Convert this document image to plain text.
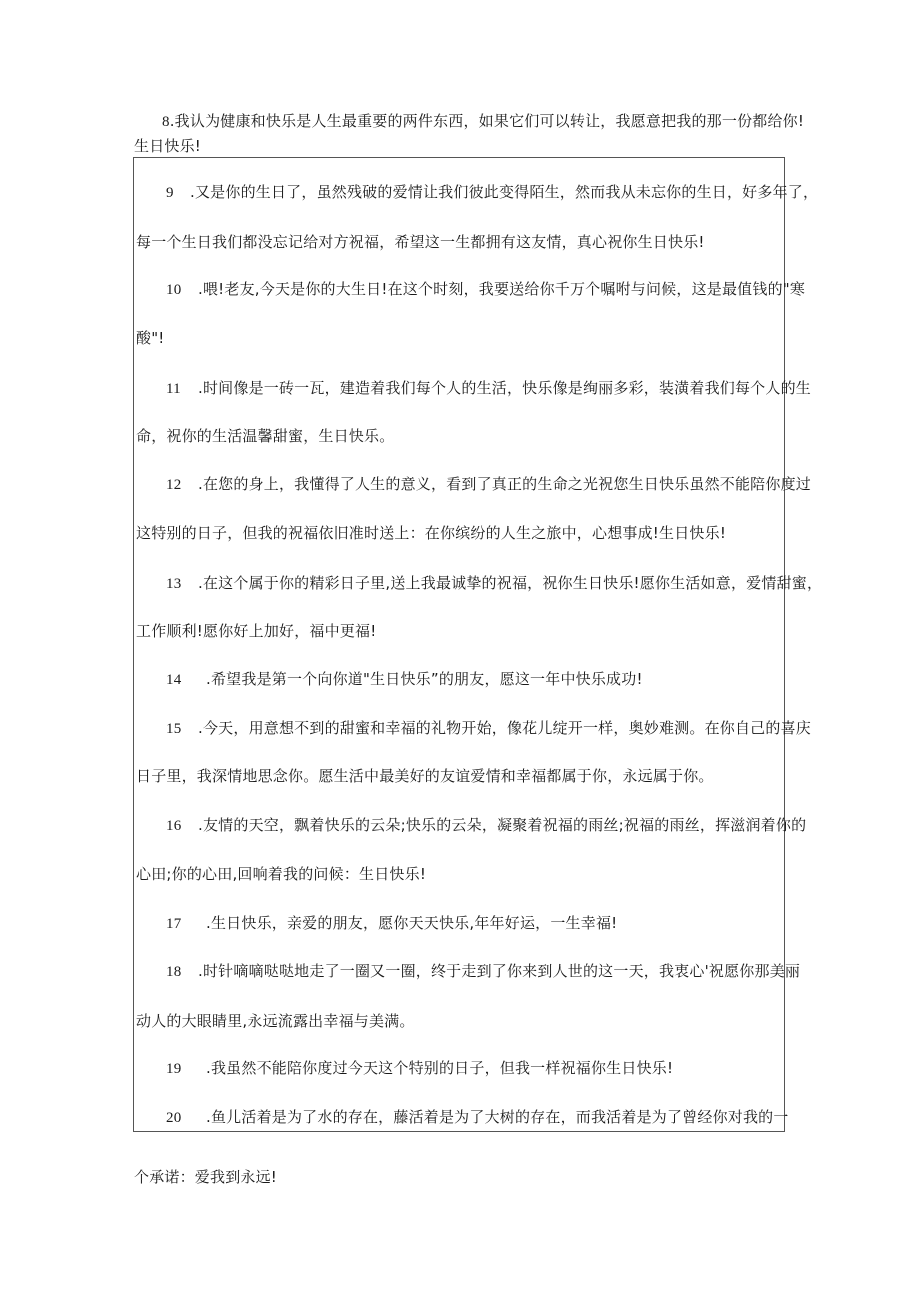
8.我认为健康和快乐是人生最重要的两件东西，如果它们可以转让，我愿意把我的那一份都给你!
生日快乐!
9 .又是你的生日了，虽然残破的爱情让我们彼此变得陌生，然而我从未忘你的生日，好多年了，
每一个生日我们都没忘记给对方祝福，希望这一生都拥有这友情，真心祝你生日快乐!
10 .喂!老友,今天是你的大生日!在这个时刻，我要送给你千万个嘱咐与问候，这是最值钱的"寒
酸"!
11 .时间像是一砖一瓦，建造着我们每个人的生活，快乐像是绚丽多彩，装潢着我们每个人的生
命，祝你的生活温馨甜蜜，生日快乐。
12 .在您的身上，我懂得了人生的意义，看到了真正的生命之光祝您生日快乐虽然不能陪你度过
这特别的日子，但我的祝福依旧准时送上：在你缤纷的人生之旅中，心想事成!生日快乐!
13 .在这个属于你的精彩日子里,送上我最诚挚的祝福，祝你生日快乐!愿你生活如意，爱情甜蜜，
工作顺利!愿你好上加好，福中更福!
14 .希望我是第一个向你道"生日快乐”的朋友，愿这一年中快乐成功!
15 .今天，用意想不到的甜蜜和幸福的礼物开始，像花儿绽开一样，奥妙难测。在你自己的喜庆
日子里，我深情地思念你。愿生活中最美好的友谊爱情和幸福都属于你，永远属于你。
16 .友情的天空，飘着快乐的云朵;快乐的云朵，凝聚着祝福的雨丝;祝福的雨丝，挥滋润着你的
心田;你的心田,回响着我的问候：生日快乐!
17 .生日快乐，亲爱的朋友，愿你天天快乐,年年好运，一生幸福!
18 .时针嘀嘀哒哒地走了一圈又一圈，终于走到了你来到人世的这一天，我衷心'祝愿你那美丽
动人的大眼睛里,永远流露出幸福与美满。
19 .我虽然不能陪你度过今天这个特别的日子，但我一样祝福你生日快乐!
20 .鱼儿活着是为了水的存在，藤活着是为了大树的存在，而我活着是为了曾经你对我的一
个承诺：爱我到永远!
